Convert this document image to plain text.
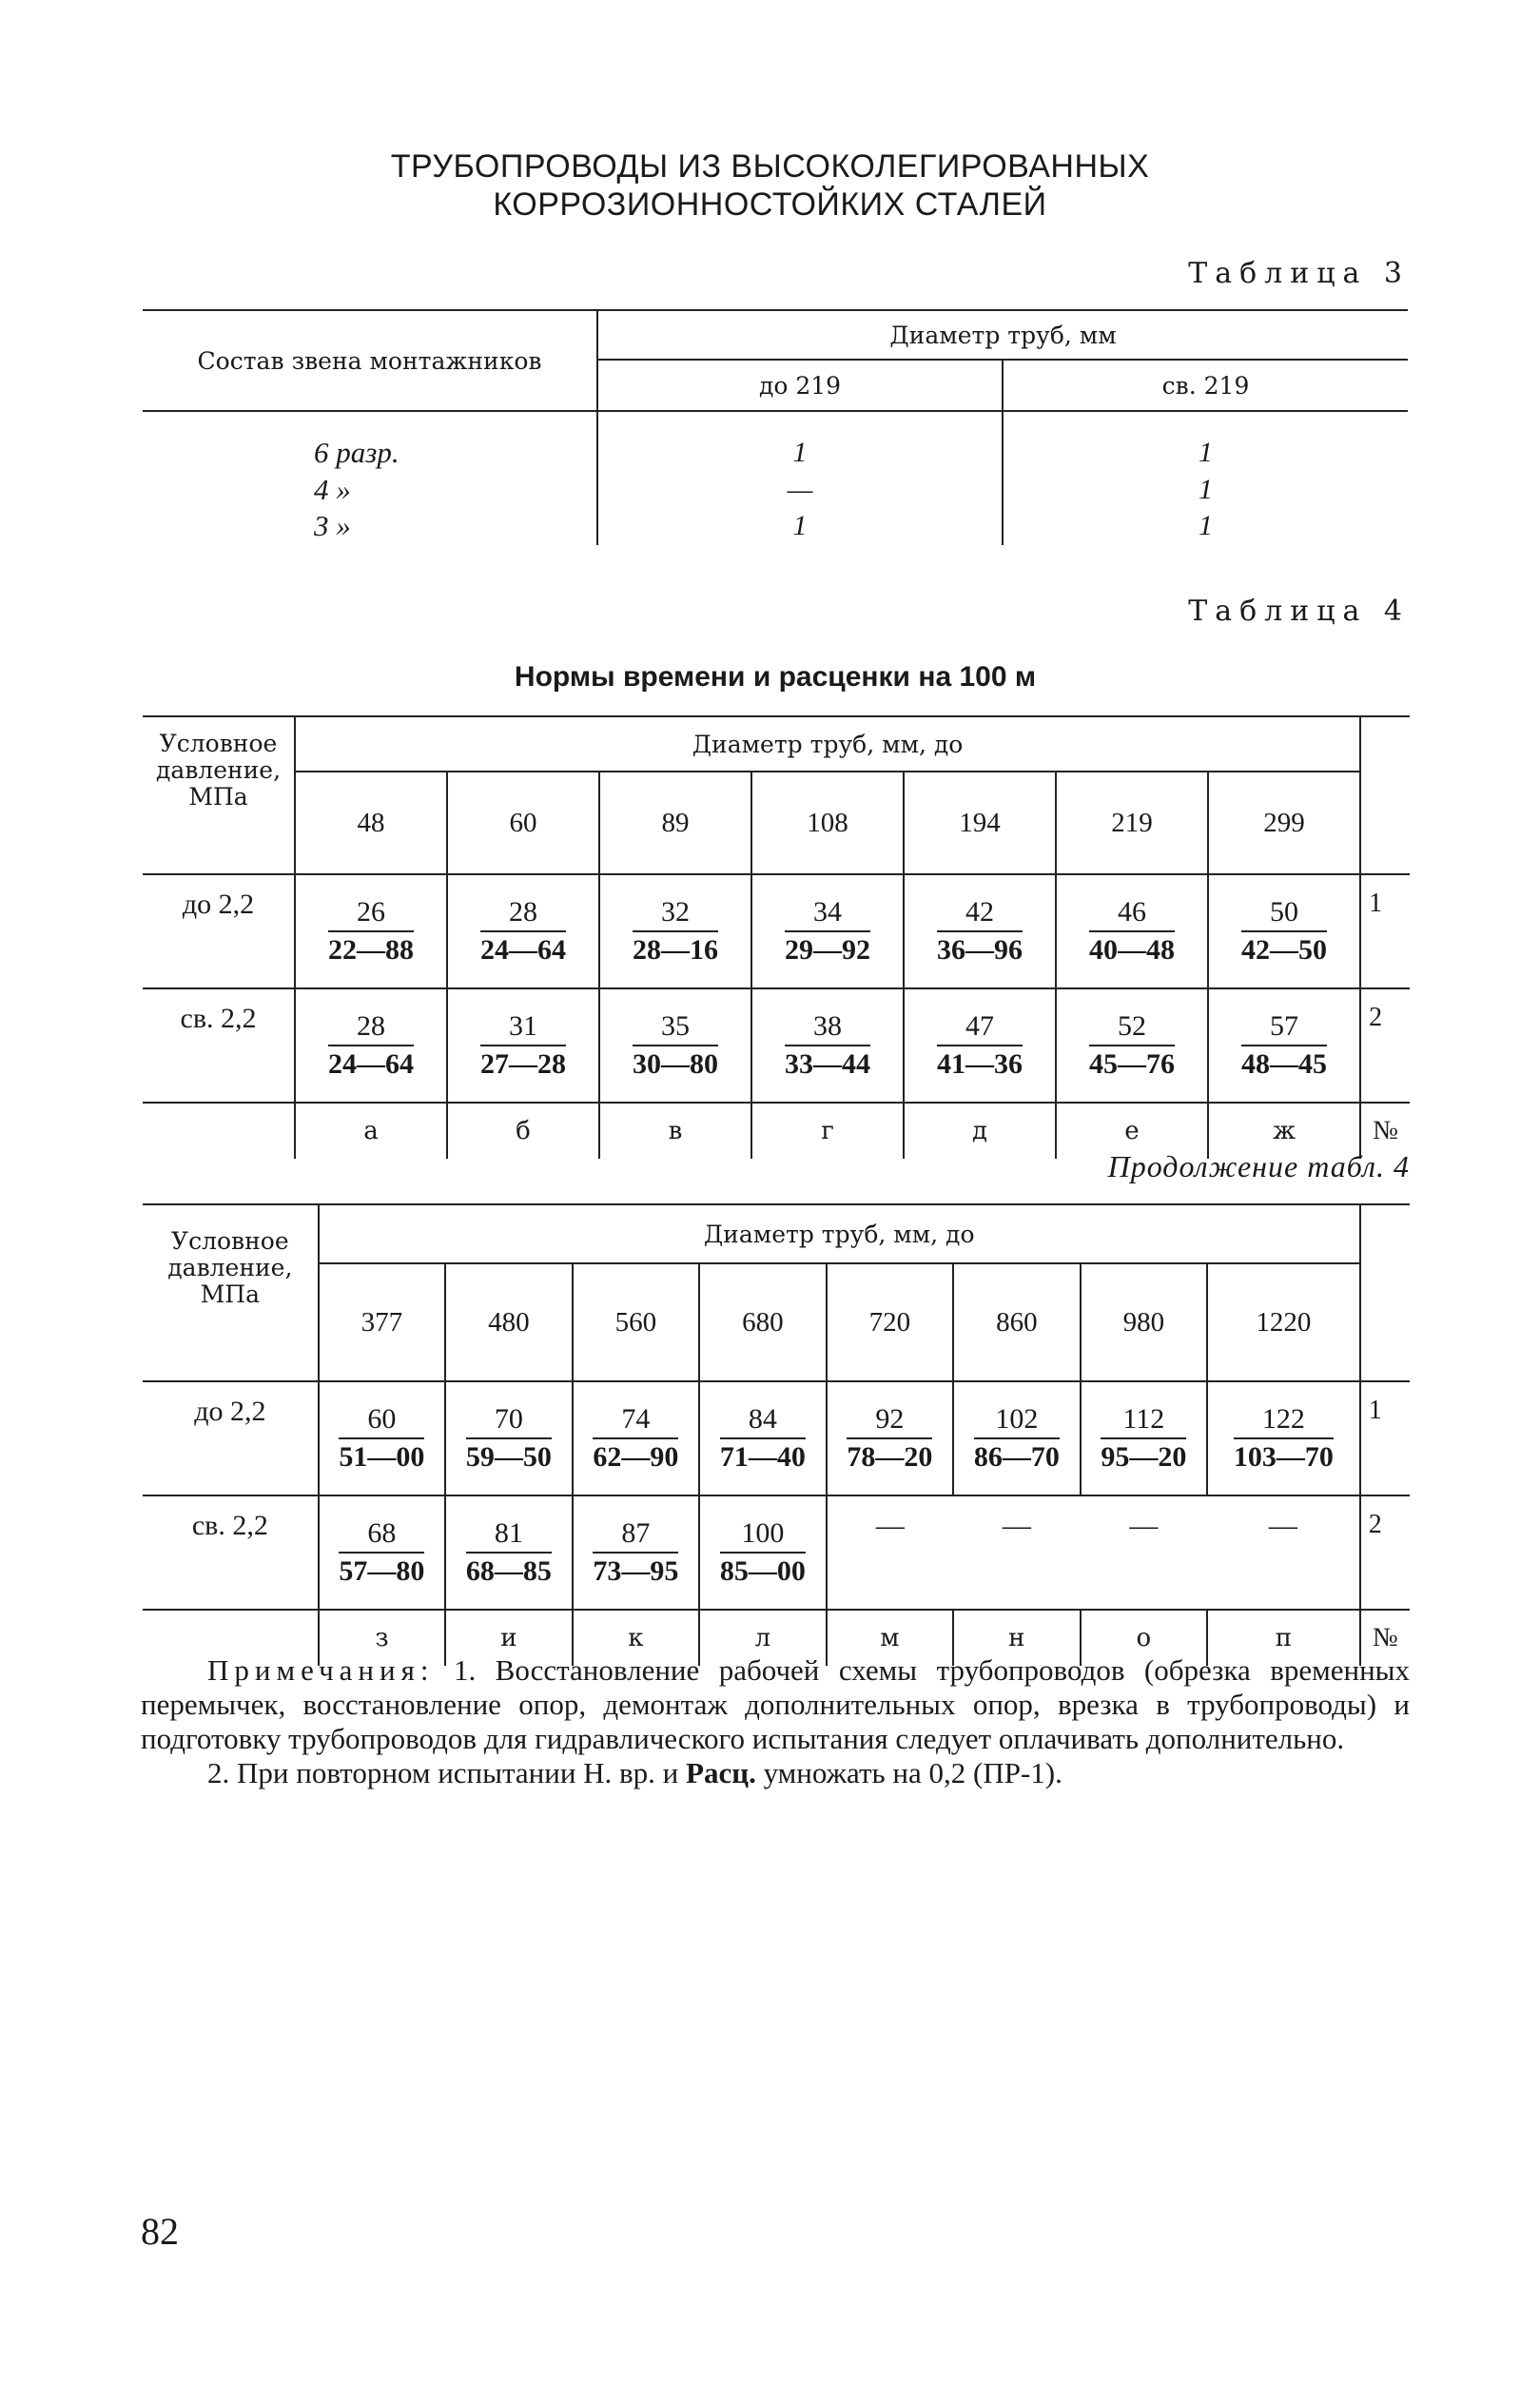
ТРУБОПРОВОДЫ ИЗ ВЫСОКОЛЕГИРОВАННЫХ
КОРРОЗИОННОСТОЙКИХ СТАЛЕЙ
Таблица 3
Состав звена монтажников	Диаметр труб, мм	
	до 219	св. 219
6 разр.	1	1
4 »	—	1
3 »	1	1
Таблица 4
Нормы времени и расценки на 100 м
Условное давление, МПа	Диаметр труб, мм, до							
	48	60	89	108	194	219	299	
до 2,2	$\frac{26}{22—88}$	$\frac{28}{24—64}$	$\frac{32}{28—16}$	$\frac{34}{29—92}$	$\frac{42}{36—96}$	$\frac{46}{40—48}$	$\frac{50}{42—50}$	1
св. 2,2	$\frac{28}{24—64}$	$\frac{31}{27—28}$	$\frac{35}{30—80}$	$\frac{38}{33—44}$	$\frac{47}{41—36}$	$\frac{52}{45—76}$	$\frac{57}{48—45}$	2
	а	б	в	г	д	е	ж	№
Продолжение табл. 4
Условное давление, МПа	Диаметр труб, мм, до								
	377	480	560	680	720	860	980	1220	
до 2,2	$\frac{60}{51—00}$	$\frac{70}{59—50}$	$\frac{74}{62—90}$	$\frac{84}{71—40}$	$\frac{92}{78—20}$	$\frac{102}{86—70}$	$\frac{112}{95—20}$	$\frac{122}{103—70}$	1
св. 2,2	$\frac{68}{57—80}$	$\frac{81}{68—85}$	$\frac{87}{73—95}$	$\frac{100}{85—00}$	—	—	—	—	2
	з	и	к	л	м	н	о	п	№
Примечания: 1. Восстановление рабочей схемы трубопроводов (обрезка временных перемычек, восстановление опор, демонтаж дополнительных опор, врезка в трубопроводы) и подготовку трубопроводов для гидравлического испытания следует оплачивать дополнительно.
2. При повторном испытании Н. вр. и Расц. умножать на 0,2 (ПР-1).
82
